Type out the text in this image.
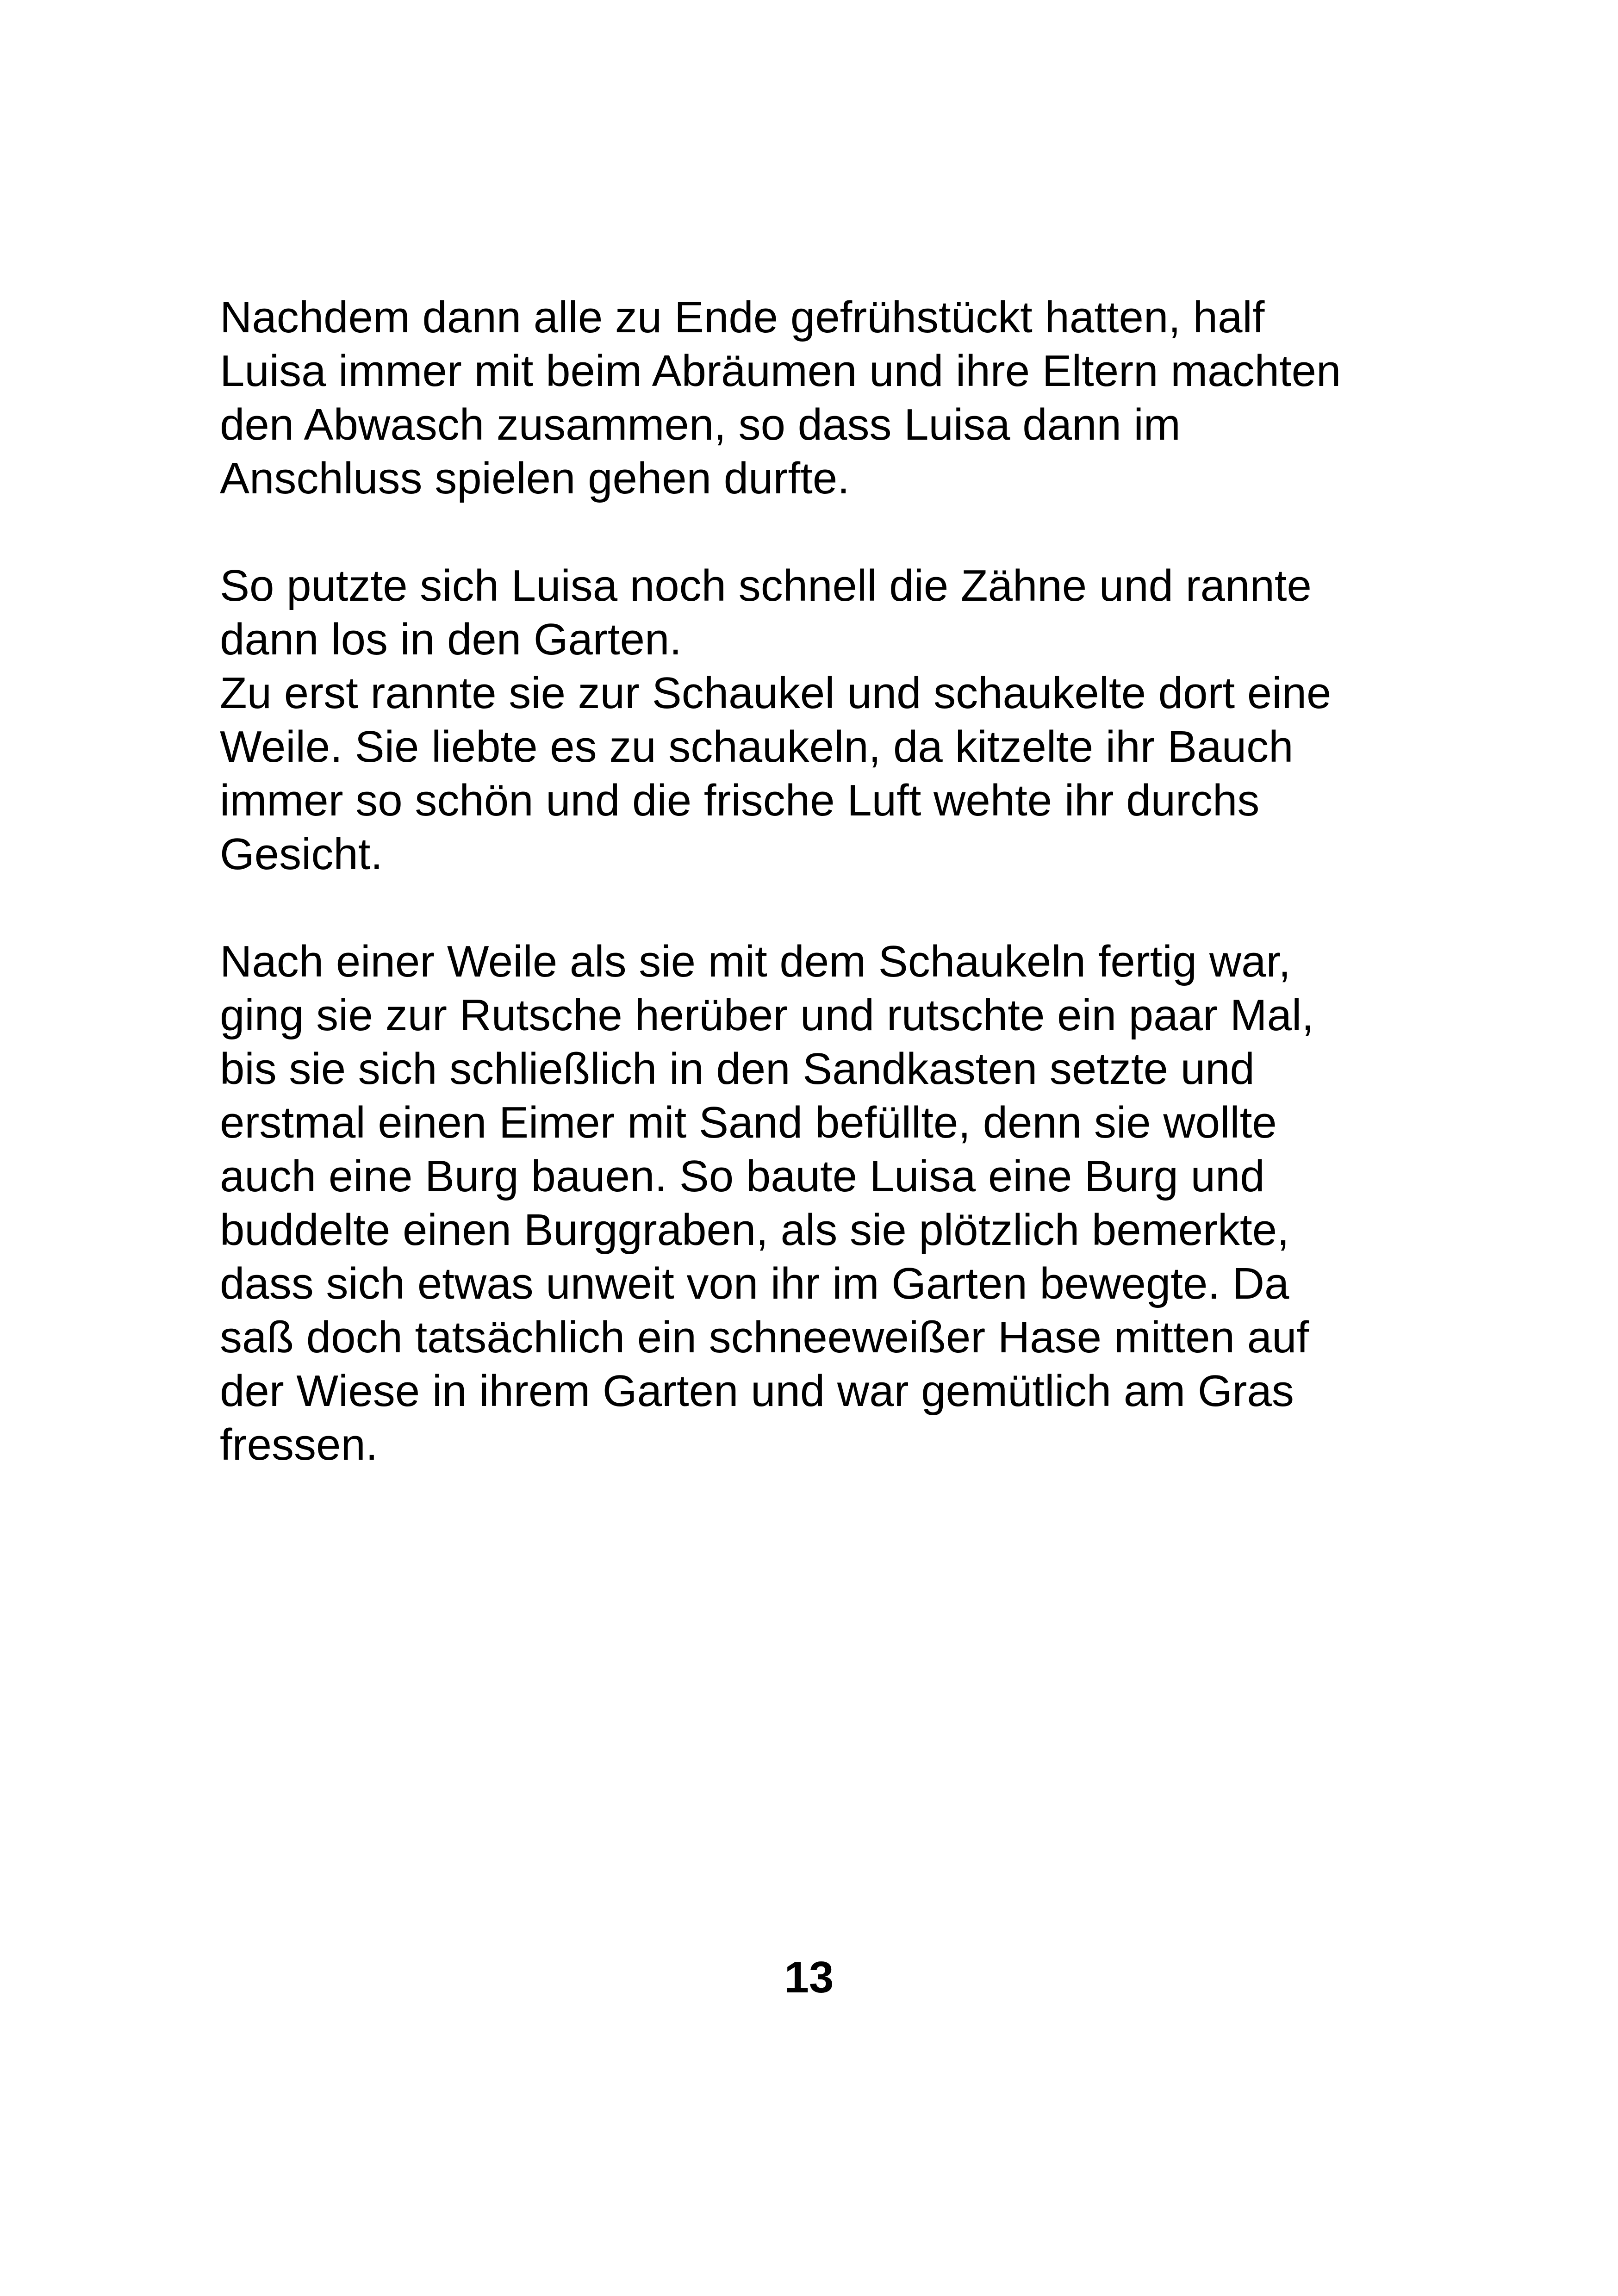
Nachdem dann alle zu Ende gefrühstückt hatten, half
Luisa immer mit beim Abräumen und ihre Eltern machten
den Abwasch zusammen, so dass Luisa dann im
Anschluss spielen gehen durfte.

So putzte sich Luisa noch schnell die Zähne und rannte
dann los in den Garten.
Zu erst rannte sie zur Schaukel und schaukelte dort eine
Weile. Sie liebte es zu schaukeln, da kitzelte ihr Bauch
immer so schön und die frische Luft wehte ihr durchs
Gesicht.

Nach einer Weile als sie mit dem Schaukeln fertig war,
ging sie zur Rutsche herüber und rutschte ein paar Mal,
bis sie sich schließlich in den Sandkasten setzte und
erstmal einen Eimer mit Sand befüllte, denn sie wollte
auch eine Burg bauen. So baute Luisa eine Burg und
buddelte einen Burggraben, als sie plötzlich bemerkte,
dass sich etwas unweit von ihr im Garten bewegte. Da
saß doch tatsächlich ein schneeweißer Hase mitten auf
der Wiese in ihrem Garten und war gemütlich am Gras
fressen.

13
